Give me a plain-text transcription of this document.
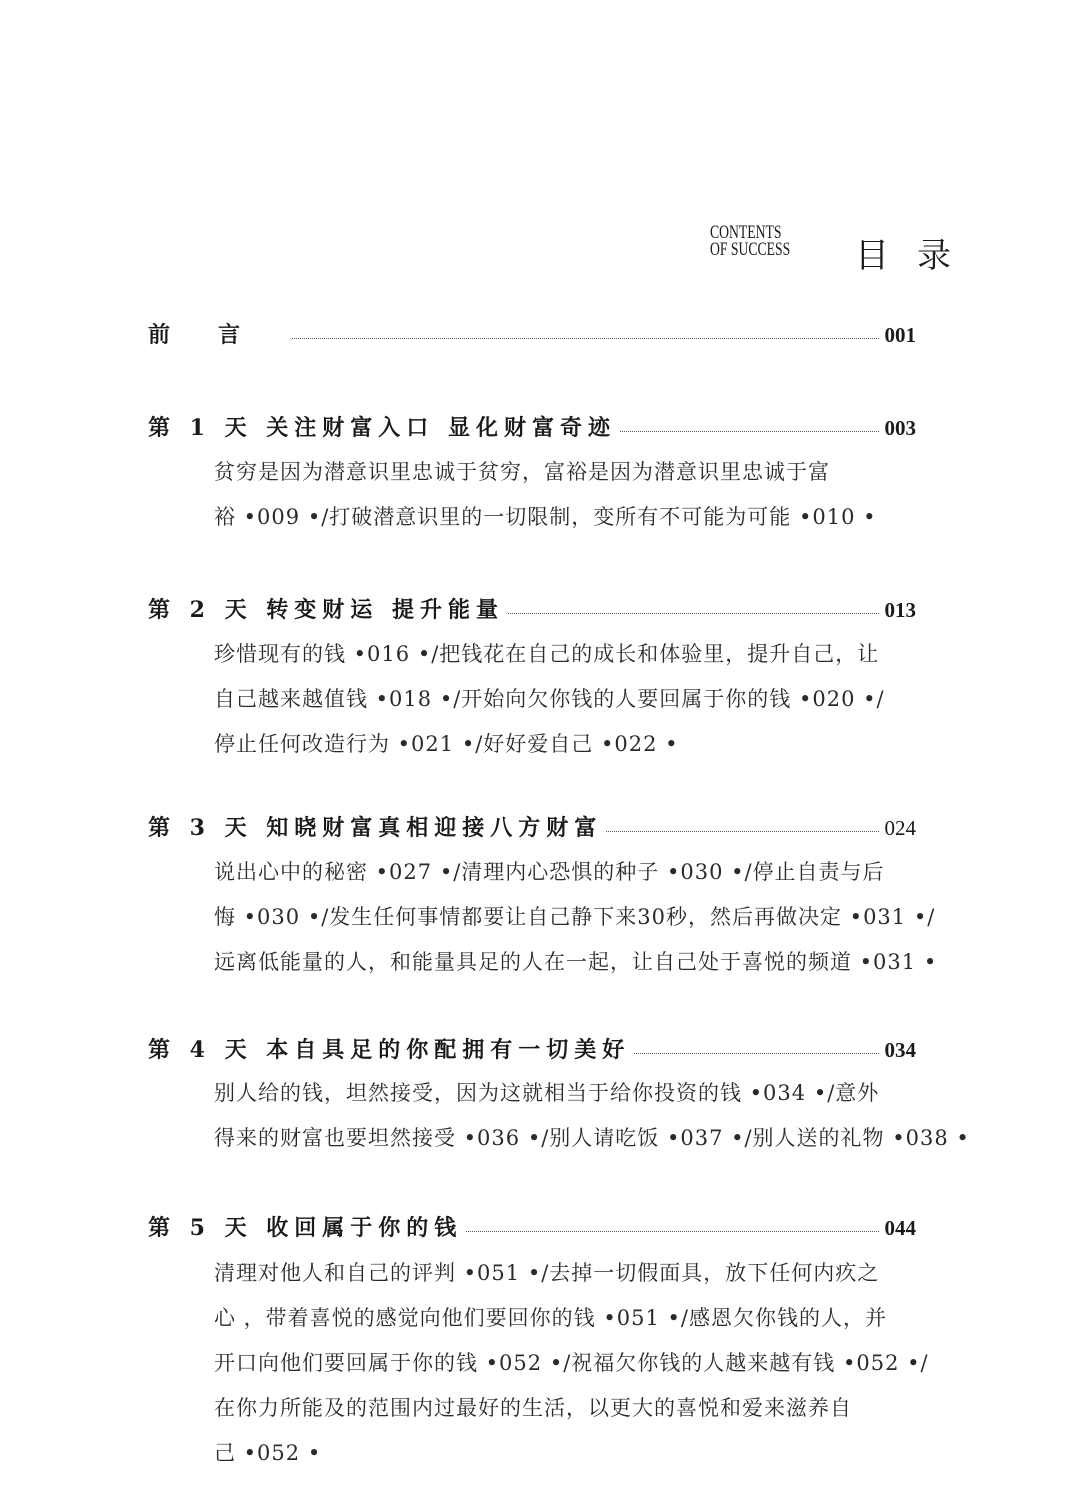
CONTENTS
OF SUCCESS	目录
前言	001
第 1 天 关注财富入口 显化财富奇迹	003
贫穷是因为潜意识里忠诚于贫穷，富裕是因为潜意识里忠诚于富
裕 •009 •/打破潜意识里的一切限制，变所有不可能为可能 •010 •
第 2 天 转变财运 提升能量	013
珍惜现有的钱 •016 •/把钱花在自己的成长和体验里，提升自己，让
自己越来越值钱 •018 •/开始向欠你钱的人要回属于你的钱 •020 •/
停止任何改造行为 •021 •/好好爱自己 •022 •
第 3 天 知晓财富真相迎接八方财富	024
说出心中的秘密 •027 •/清理内心恐惧的种子 •030 •/停止自责与后
悔 •030 •/发生任何事情都要让自己静下来30秒，然后再做决定 •031 •/
远离低能量的人，和能量具足的人在一起，让自己处于喜悦的频道 •031 •
第 4 天 本自具足的你配拥有一切美好	034
别人给的钱，坦然接受，因为这就相当于给你投资的钱 •034 •/意外
得来的财富也要坦然接受 •036 •/别人请吃饭 •037 •/别人送的礼物 •038 •
第 5 天 收回属于你的钱	044
清理对他人和自己的评判 •051 •/去掉一切假面具，放下任何内疚之
心 ，带着喜悦的感觉向他们要回你的钱 •051 •/感恩欠你钱的人，并
开口向他们要回属于你的钱 •052 •/祝福欠你钱的人越来越有钱 •052 •/
在你力所能及的范围内过最好的生活，以更大的喜悦和爱来滋养自
己 •052 •
